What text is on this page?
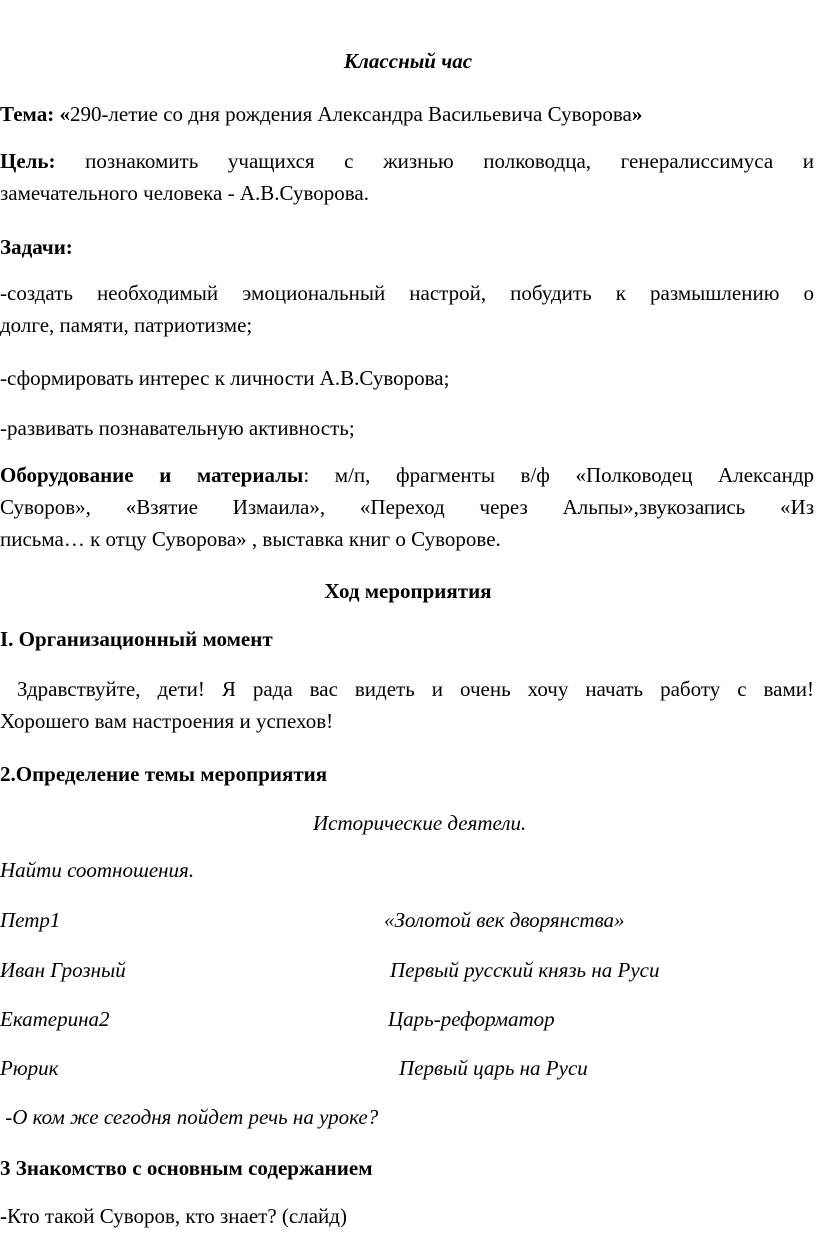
Классный час
Тема: «290-летие со дня рождения Александра Васильевича Суворова»
Цель: познакомить учащихся с жизнью полководца, генералиссимуса и
замечательного человека - А.В.Суворова.
Задачи:
-создать необходимый эмоциональный настрой, побудить к размышлению о
долге, памяти, патриотизме;
-сформировать интерес к личности А.В.Суворова;
-развивать познавательную активность;
Оборудование и материалы: м/п, фрагменты в/ф «Полководец Александр
Суворов», «Взятие Измаила», «Переход через Альпы»,звукозапись «Из
письма… к отцу Суворова» , выставка книг о Суворове.
Ход мероприятия
I. Организационный момент
Здравствуйте, дети! Я рада вас видеть и очень хочу начать работу с вами!
Хорошего вам настроения и успехов!
2.Определение темы мероприятия
Исторические деятели.
Найти соотношения.
Петр1	«Золотой век дворянства»
Иван Грозный	Первый русский князь на Руси
Екатерина2	Царь-реформатор
Рюрик	Первый царь на Руси
-О ком же сегодня пойдет речь на уроке?
3 Знакомство с основным содержанием
-Кто такой Суворов, кто знает? (слайд)
